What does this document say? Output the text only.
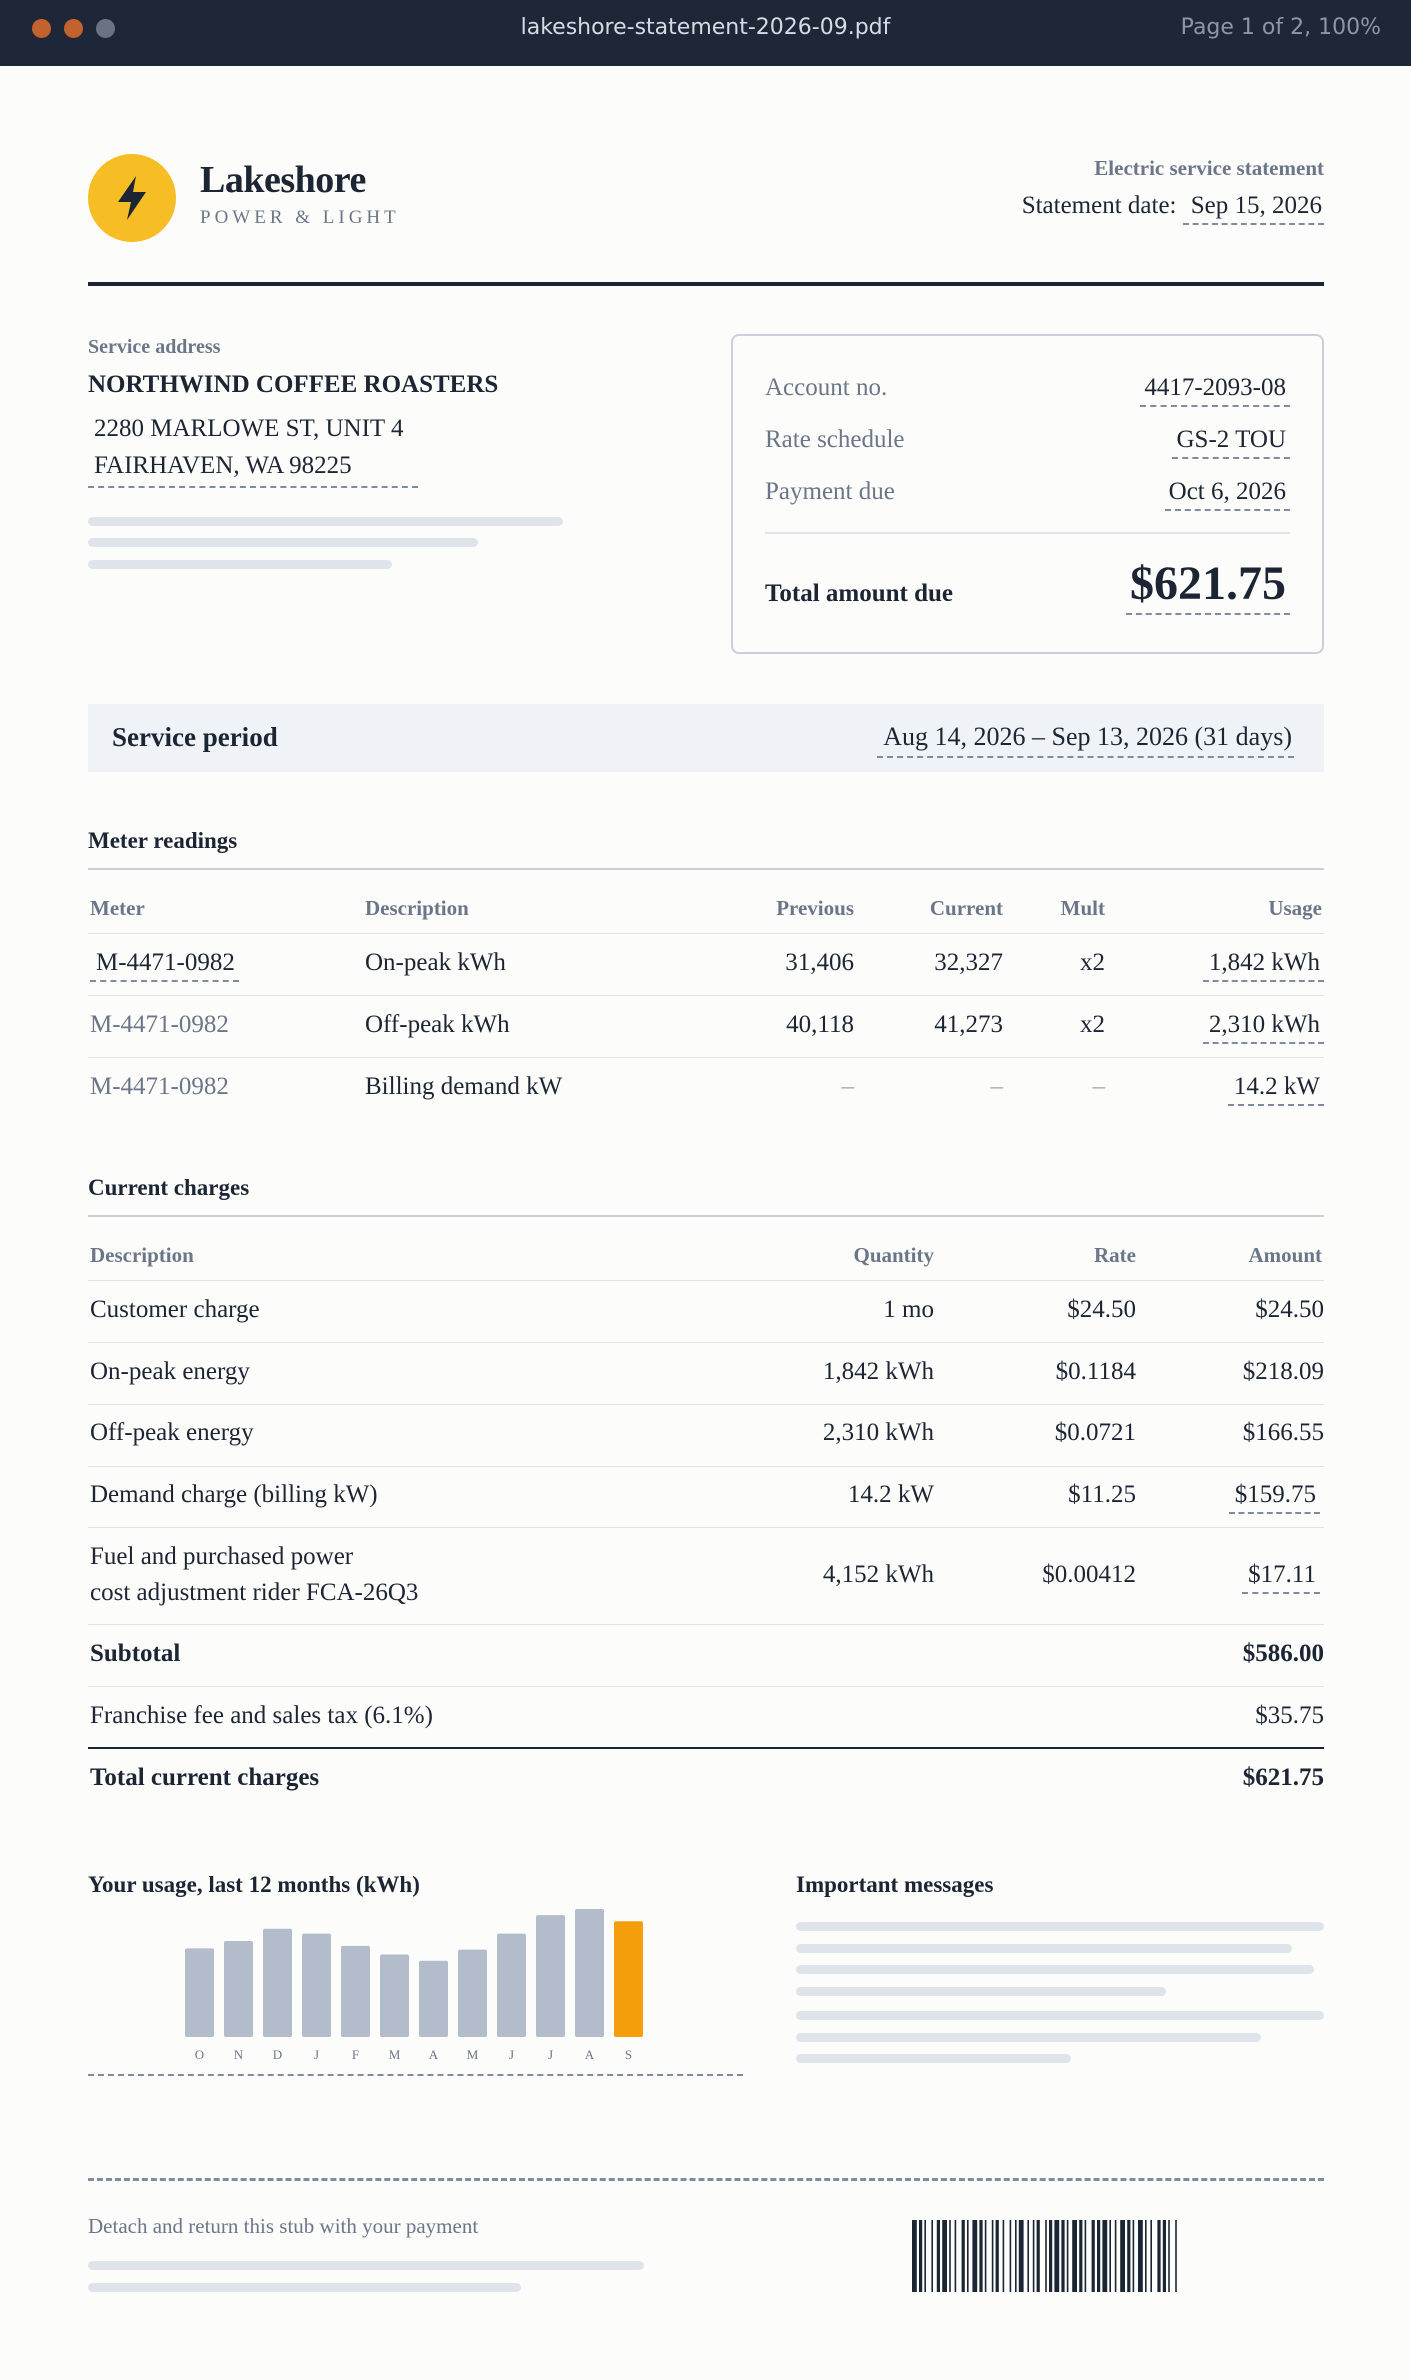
lakeshore-statement-2026-09.pdf	Page 1 of 2, 100%
Lakeshore
POWER & LIGHT
Electric service statement
Statement date: Sep 15, 2026
Service address
NORTHWIND COFFEE ROASTERS
2280 MARLOWE ST, UNIT 4
FAIRHAVEN, WA 98225
Account no.	4417-2093-08
Rate schedule	GS-2 TOU
Payment due	Oct 6, 2026
Total amount due	$621.75
Service period	Aug 14, 2026 – Sep 13, 2026 (31 days)
Meter readings
Meter	Description	Previous	Current	Mult	Usage
M-4471-0982	On-peak kWh	31,406	32,327	x2	1,842 kWh
M-4471-0982	Off-peak kWh	40,118	41,273	x2	2,310 kWh
M-4471-0982	Billing demand kW	–	–	–	14.2 kW
Current charges
Description	Quantity	Rate	Amount
Customer charge	1 mo	$24.50	$24.50
On-peak energy	1,842 kWh	$0.1184	$218.09
Off-peak energy	2,310 kWh	$0.0721	$166.55
Demand charge (billing kW)	14.2 kW	$11.25	$159.75
Fuel and purchased power
cost adjustment rider FCA-26Q3
4,152 kWh	$0.00412	$17.11
Subtotal	$586.00
Franchise fee and sales tax (6.1%)	$35.75
Total current charges	$621.75
Your usage, last 12 months (kWh)
O N D J	F M A M J	J A S
Important messages
Detach and return this stub with your payment
